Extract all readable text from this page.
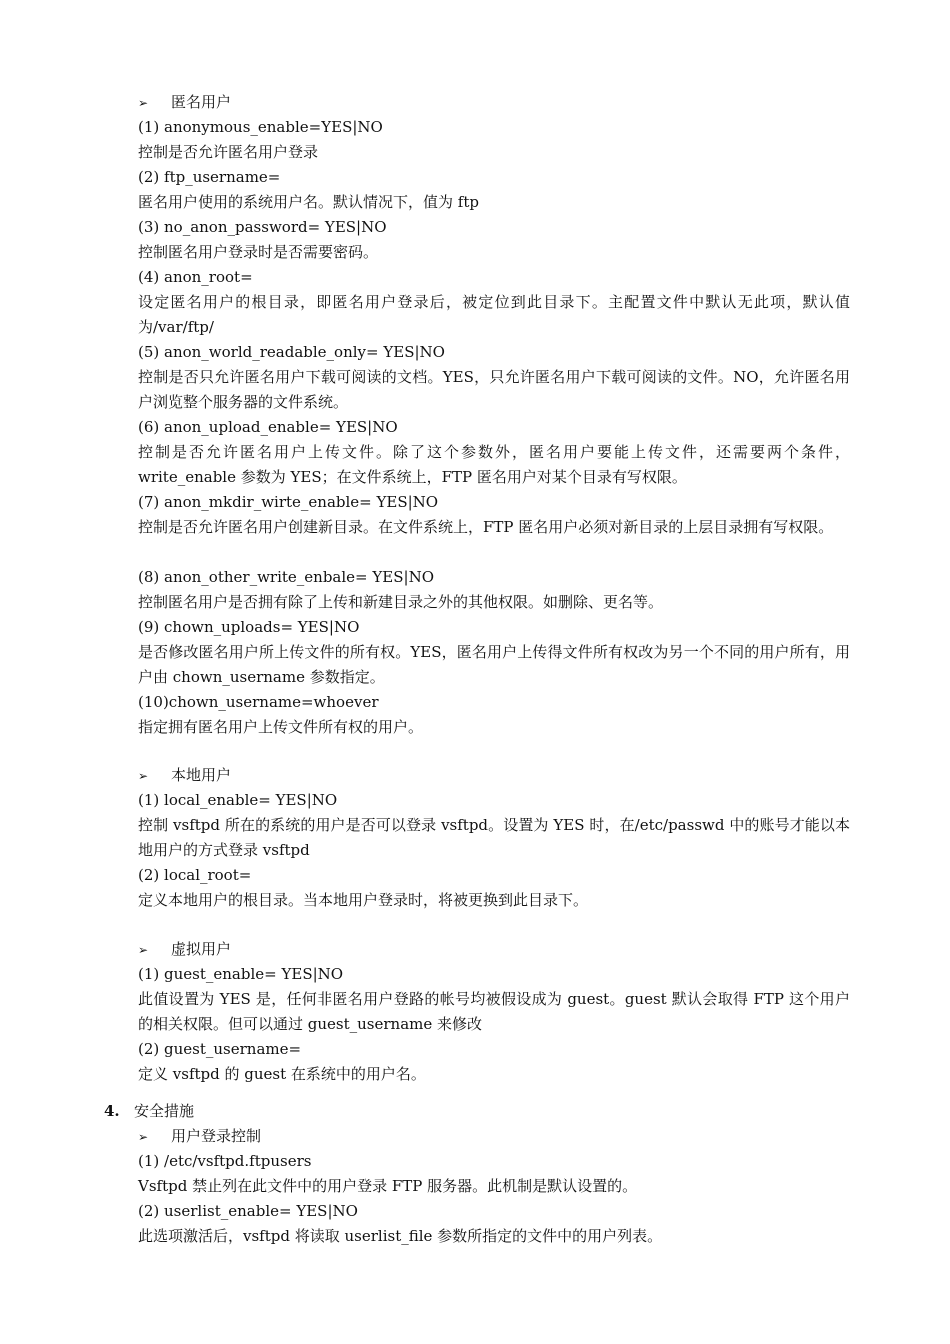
➢ 匿名用户

(1) anonymous_enable=YES|NO

控制是否允许匿名用户登录

(2) ftp_username=

匿名用户使用的系统用户名。默认情况下，值为 ftp

(3) no_anon_password= YES|NO

控制匿名用户登录时是否需要密码。

(4) anon_root=

设定匿名用户的根目录，即匿名用户登录后，被定位到此目录下。主配置文件中默认无此项，默认值为/var/ftp/

(5) anon_world_readable_only= YES|NO

控制是否只允许匿名用户下载可阅读的文档。YES，只允许匿名用户下载可阅读的文件。NO，允许匿名用户浏览整个服务器的文件系统。

(6) anon_upload_enable= YES|NO

控制是否允许匿名用户上传文件。除了这个参数外，匿名用户要能上传文件，还需要两个条件，write_enable 参数为 YES；在文件系统上，FTP 匿名用户对某个目录有写权限。

(7) anon_mkdir_wirte_enable= YES|NO

控制是否允许匿名用户创建新目录。在文件系统上，FTP 匿名用户必须对新目录的上层目录拥有写权限。

(8) anon_other_write_enbale= YES|NO

控制匿名用户是否拥有除了上传和新建目录之外的其他权限。如删除、更名等。

(9) chown_uploads= YES|NO

是否修改匿名用户所上传文件的所有权。YES，匿名用户上传得文件所有权改为另一个不同的用户所有，用户由 chown_username 参数指定。

(10)chown_username=whoever

指定拥有匿名用户上传文件所有权的用户。

➢ 本地用户

(1) local_enable= YES|NO

控制 vsftpd 所在的系统的用户是否可以登录 vsftpd。设置为 YES 时，在/etc/passwd 中的账号才能以本地用户的方式登录 vsftpd

(2) local_root=

定义本地用户的根目录。当本地用户登录时，将被更换到此目录下。

➢ 虚拟用户

(1) guest_enable= YES|NO

此值设置为 YES 是，任何非匿名用户登路的帐号均被假设成为 guest。guest 默认会取得 FTP 这个用户的相关权限。但可以通过 guest_username 来修改

(2) guest_username=

定义 vsftpd 的 guest 在系统中的用户名。

4. 安全措施
➢ 用户登录控制

(1) /etc/vsftpd.ftpusers

Vsftpd 禁止列在此文件中的用户登录 FTP 服务器。此机制是默认设置的。

(2) userlist_enable= YES|NO

此选项激活后，vsftpd 将读取 userlist_file 参数所指定的文件中的用户列表。
